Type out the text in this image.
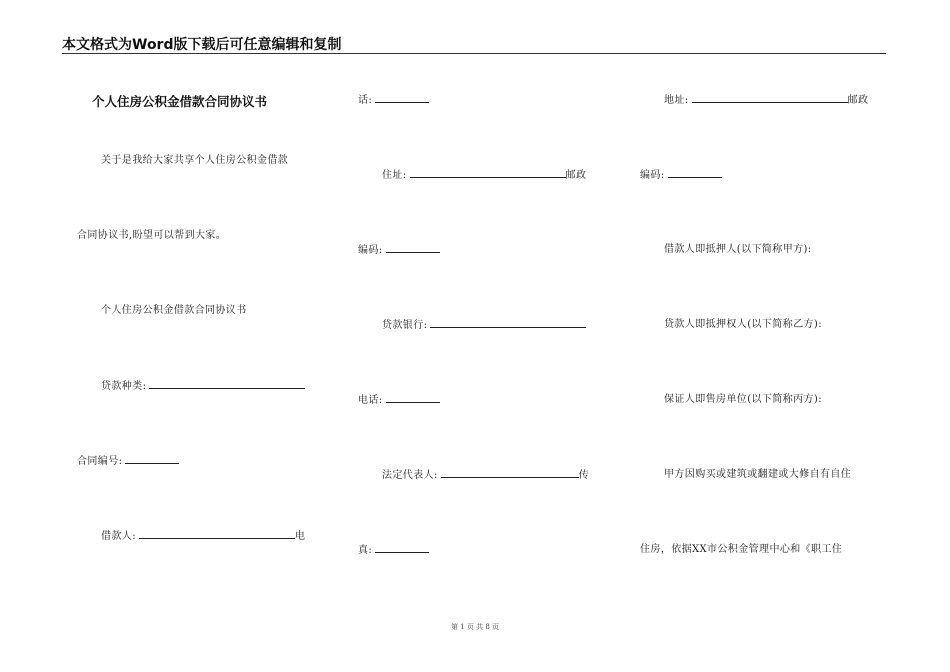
本文格式为Word版下载后可任意编辑和复制
个人住房公积金借款合同协议书
关于是我给大家共享个人住房公积金借款
合同协议书,盼望可以帮到大家。
个人住房公积金借款合同协议书
贷款种类:
合同编号:
借款人:	电
话:
住址:	邮政
编码:
贷款银行:
电话:
法定代表人:	传
真:
地址:	邮政
编码:
借款人即抵押人(以下简称甲方):
贷款人即抵押权人(以下简称乙方):
保证人即售房单位(以下简称丙方):
甲方因购买或建筑或翻建或大修自有自住
住房，依据XX市公积金管理中心和《职工住
第 1 页 共 8 页
